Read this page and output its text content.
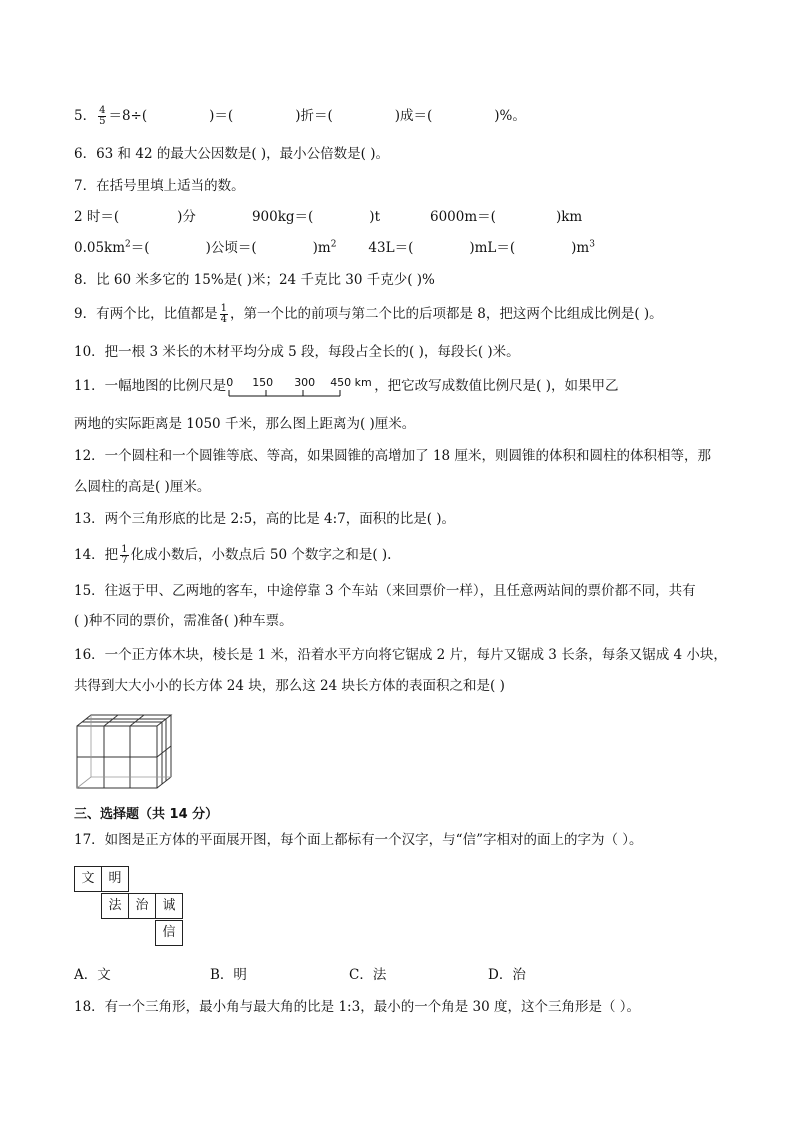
5． $\frac{4}{5} =8\div$(	)＝(	)折＝(	)成＝(	)%。
6．63 和 42 的最大公因数是( )，最小公倍数是( )。
7．在括号里填上适当的数。
2 时＝(	)分	900kg＝(	)t	6000m＝(	)km
$0.05km^2=$(	)公顷＝(	)$m^2$ 43L＝(	)mL＝(	)$m^3$
8．比 60 米多它的 15%是( )米；24 千克比 30 千克少( )%
9．有两个比，比值都是 $\frac{1}{4}$ ，第一个比的前项与第二个比的后项都是 8，把这两个比组成比例是( )。
10．把一根 3 米长的木材平均分成 5 段，每段占全长的( )，每段长( )米。
11．一幅地图的比例尺是 0 150 300 450 km ，把它改写成数值比例尺是( )，如果甲乙
两地的实际距离是 1050 千米，那么图上距离为( )厘米。
12．一个圆柱和一个圆锥等底、等高，如果圆锥的高增加了 18 厘米，则圆锥的体积和圆柱的体积相等，那
么圆柱的高是( )厘米。
13．两个三角形底的比是 2:5，高的比是 4:7，面积的比是( )。
14．把 $\frac{1}{7}$ 化成小数后，小数点后 50 个数字之和是( ).
15．往返于甲、乙两地的客车，中途停靠 3 个车站（来回票价一样），且任意两站间的票价都不同，共有
( )种不同的票价，需准备( )种车票。
16．一个正方体木块，棱长是 1 米，沿着水平方向将它锯成 2 片，每片又锯成 3 长条，每条又锯成 4 小块，
共得到大大小小的长方体 24 块，那么这 24 块长方体的表面积之和是( )
三、选择题（共 14 分）
17．如图是正方体的平面展开图，每个面上都标有一个汉字，与“信”字相对的面上的字为（ ）。
文	明
法	治	诚
信
A．文	B．明	C．法	D．治
18．有一个三角形，最小角与最大角的比是 1:3，最小的一个角是 30 度，这个三角形是（ ）。
